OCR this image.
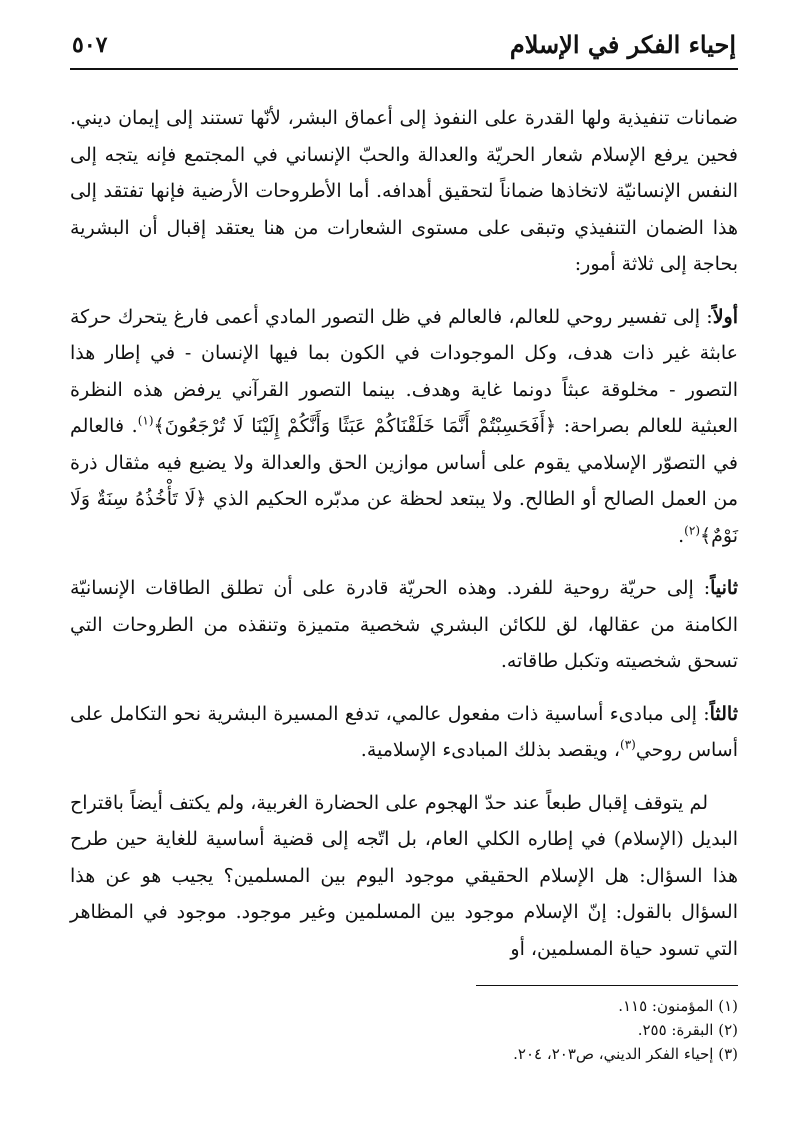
إحياء الفكر في الإسلام
٥٠٧

ضمانات تنفيذية ولها القدرة على النفوذ إلى أعماق البشر، لأنّها تستند إلى إيمان ديني. فحين يرفع الإسلام شعار الحريّة والعدالة والحبّ الإنساني في المجتمع فإنه يتجه إلى النفس الإنسانيّة لاتخاذها ضماناً لتحقيق أهدافه. أما الأطروحات الأرضية فإنها تفتقد إلى هذا الضمان التنفيذي وتبقى على مستوى الشعارات من هنا يعتقد إقبال أن البشرية بحاجة إلى ثلاثة أمور:

أولاً: إلى تفسير روحي للعالم، فالعالم في ظل التصور المادي أعمى فارغ يتحرك حركة عابثة غير ذات هدف، وكل الموجودات في الكون بما فيها الإنسان - في إطار هذا التصور - مخلوقة عبثاً دونما غاية وهدف. بينما التصور القرآني يرفض هذه النظرة العبثية للعالم بصراحة: ﴿أَفَحَسِبْتُمْ أَنَّمَا خَلَقْنَاكُمْ عَبَثًا وَأَنَّكُمْ إِلَيْنَا لَا تُرْجَعُونَ﴾$^{(١)}$. فالعالم في التصوّر الإسلامي يقوم على أساس موازين الحق والعدالة ولا يضيع فيه مثقال ذرة من العمل الصالح أو الطالح. ولا يبتعد لحظة عن مدبّره الحكيم الذي ﴿لَا تَأْخُذُهُ سِنَةٌ وَلَا نَوْمٌ﴾$^{(٢)}$.

ثانياً: إلى حريّة روحية للفرد. وهذه الحريّة قادرة على أن تطلق الطاقات الإنسانيّة الكامنة من عقالها، لق للكائن البشري شخصية متميزة وتنقذه من الطروحات التي تسحق شخصيته وتكبل طاقاته.

ثالثاً: إلى مبادىء أساسية ذات مفعول عالمي، تدفع المسيرة البشرية نحو التكامل على أساس روحي$^{(٣)}$، ويقصد بذلك المبادىء الإسلامية.

لم يتوقف إقبال طبعاً عند حدّ الهجوم على الحضارة الغربية، ولم يكتف أيضاً باقتراح البديل (الإسلام) في إطاره الكلي العام، بل اتّجه إلى قضية أساسية للغاية حين طرح هذا السؤال: هل الإسلام الحقيقي موجود اليوم بين المسلمين؟ يجيب هو عن هذا السؤال بالقول: إنّ الإسلام موجود بين المسلمين وغير موجود. موجود في المظاهر التي تسود حياة المسلمين، أو

(١) المؤمنون: ١١٥.

(٢) البقرة: ٢٥٥.

(٣) إحياء الفكر الديني، ص٢٠٣، ٢٠٤.
